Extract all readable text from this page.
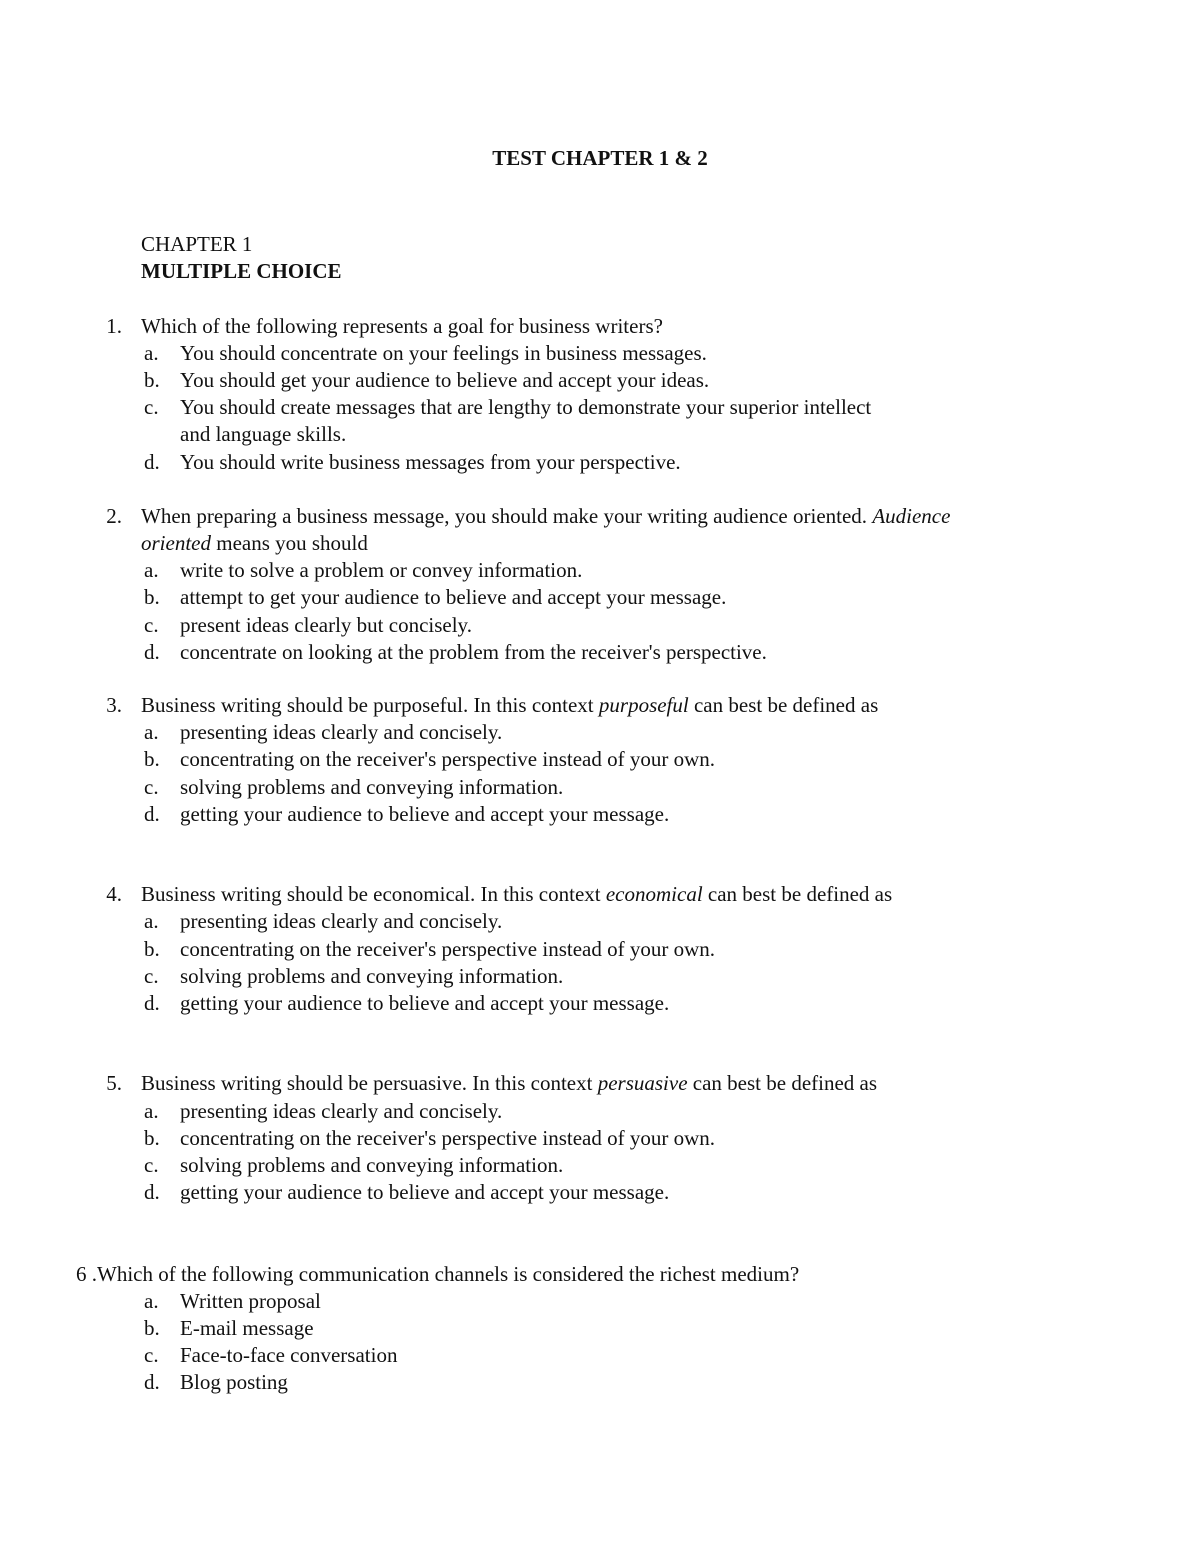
TEST CHAPTER 1 & 2
CHAPTER 1
MULTIPLE CHOICE
1. Which of the following represents a goal for business writers?
a.	You should concentrate on your feelings in business messages.
b. You should get your audience to believe and accept your ideas.
c.	You should create messages that are lengthy to demonstrate your superior intellect
and language skills.
d. You should write business messages from your perspective.
2. When preparing a business message, you should make your writing audience oriented. Audience
oriented means you should
a.	write to solve a problem or convey information.
b. attempt to get your audience to believe and accept your message.
c.	present ideas clearly but concisely.
d. concentrate on looking at the problem from the receiver's perspective.
3. Business writing should be purposeful. In this context purposeful can best be defined as
a.	presenting ideas clearly and concisely.
b. concentrating on the receiver's perspective instead of your own.
c.	solving problems and conveying information.
d. getting your audience to believe and accept your message.
4. Business writing should be economical. In this context economical can best be defined as
a.	presenting ideas clearly and concisely.
b. concentrating on the receiver's perspective instead of your own.
c.	solving problems and conveying information.
d. getting your audience to believe and accept your message.
5. Business writing should be persuasive. In this context persuasive can best be defined as
a.	presenting ideas clearly and concisely.
b. concentrating on the receiver's perspective instead of your own.
c.	solving problems and conveying information.
d. getting your audience to believe and accept your message.
6 .Which of the following communication channels is considered the richest medium?
a.	Written proposal
b. E-mail message
c.	Face-to-face conversation
d. Blog posting
